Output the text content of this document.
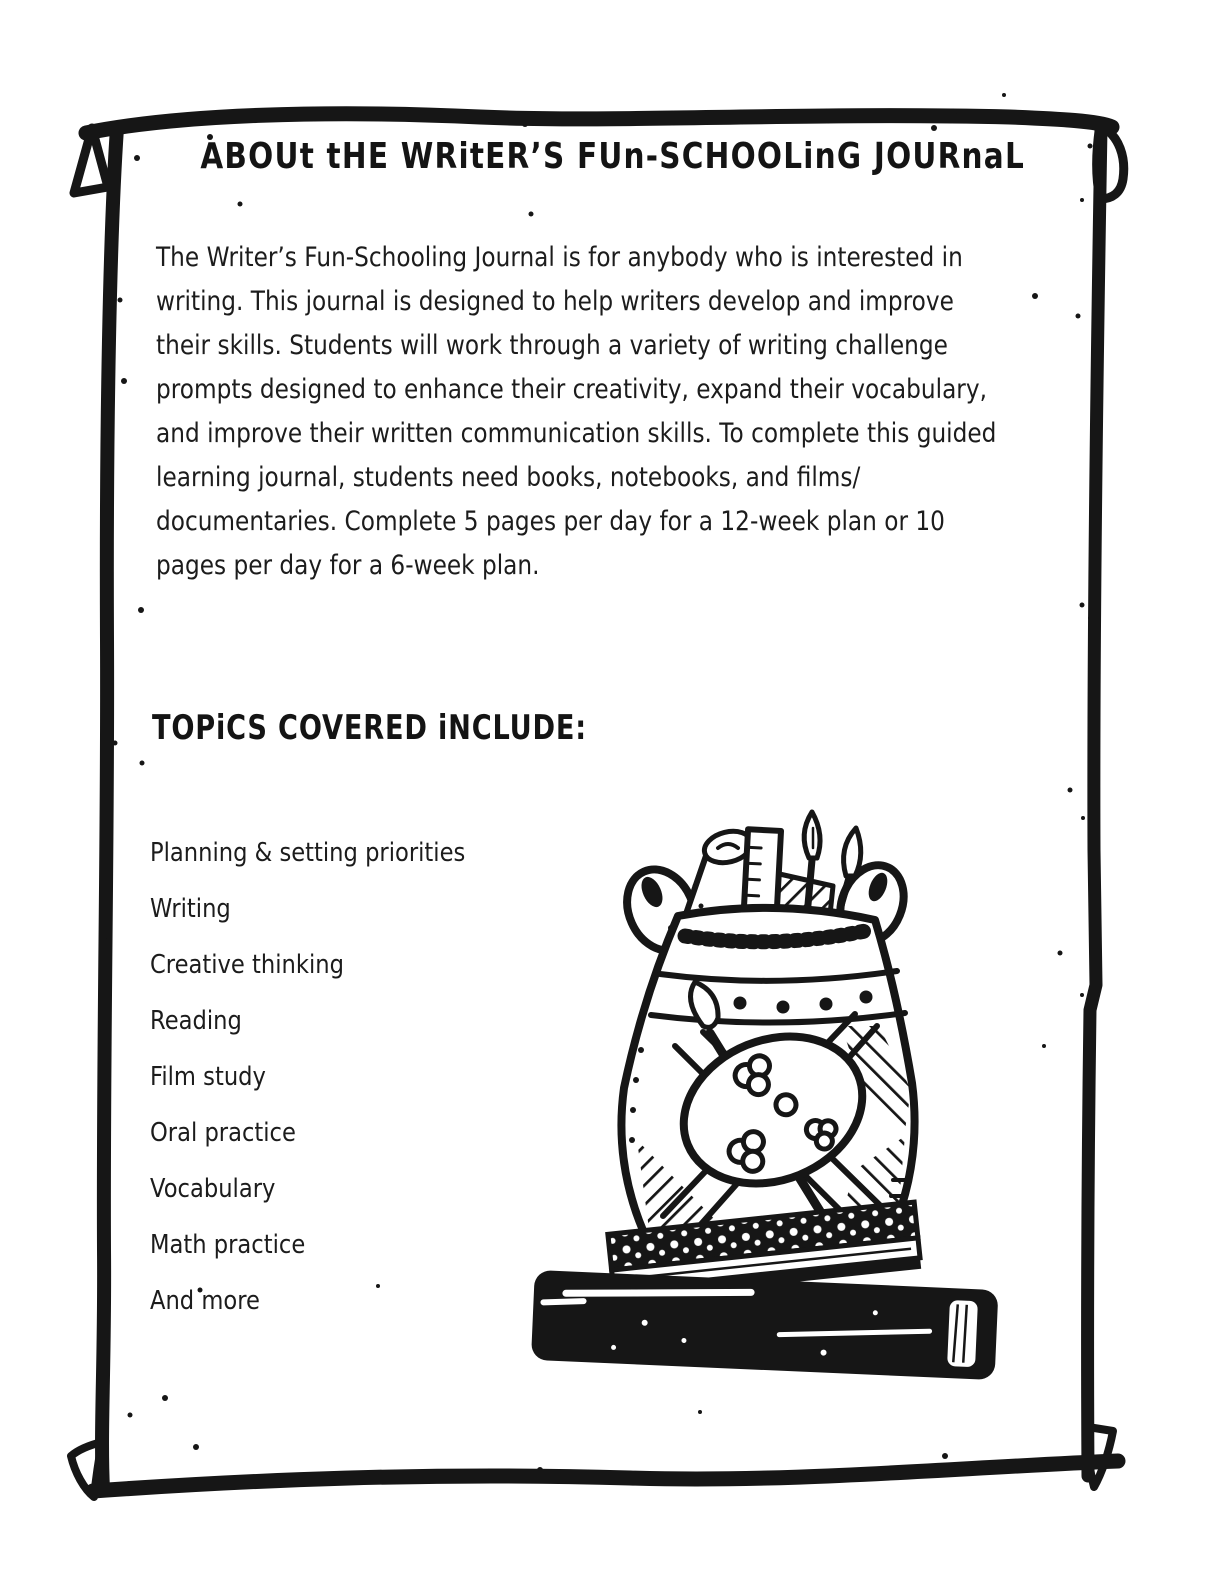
ABOUt tHE WRitER’S FUn-SCHOOLinG JOURnaL
The Writer’s Fun-Schooling Journal is for anybody who is interested in
writing. This journal is designed to help writers develop and improve
their skills. Students will work through a variety of writing challenge
prompts designed to enhance their creativity, expand their vocabulary,
and improve their written communication skills. To complete this guided
learning journal, students need books, notebooks, and films/
documentaries. Complete 5 pages per day for a 12-week plan or 10
pages per day for a 6-week plan.
TOPiCS COVERED iNCLUDE:
Planning & setting priorities
Writing
Creative thinking
Reading
Film study
Oral practice
Vocabulary
Math practice
And more
